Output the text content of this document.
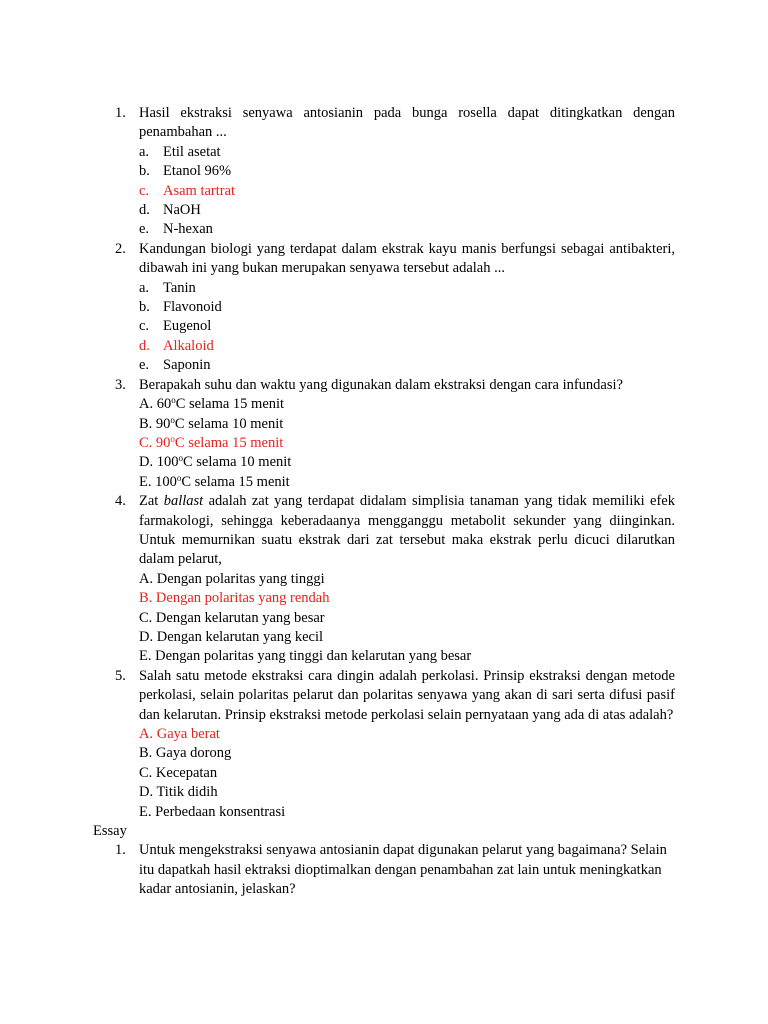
1. Hasil ekstraksi senyawa antosianin pada bunga rosella dapat ditingkatkan dengan penambahan ...
a. Etil asetat
b. Etanol 96%
c. Asam tartrat
d. NaOH
e. N-hexan
2. Kandungan biologi yang terdapat dalam ekstrak kayu manis berfungsi sebagai antibakteri, dibawah ini yang bukan merupakan senyawa tersebut adalah ...
a. Tanin
b. Flavonoid
c. Eugenol
d. Alkaloid
e. Saponin
3. Berapakah suhu dan waktu yang digunakan dalam ekstraksi dengan cara infundasi?
A. 60$^o$C selama 15 menit
B. 90$^o$C selama 10 menit
C. 90$^o$C selama 15 menit
D. 100$^o$C selama 10 menit
E. 100$^o$C selama 15 menit
4. Zat ballast adalah zat yang terdapat didalam simplisia tanaman yang tidak memiliki efek farmakologi, sehingga keberadaanya mengganggu metabolit sekunder yang diinginkan. Untuk memurnikan suatu ekstrak dari zat tersebut maka ekstrak perlu dicuci dilarutkan dalam pelarut,
A. Dengan polaritas yang tinggi
B. Dengan polaritas yang rendah
C. Dengan kelarutan yang besar
D. Dengan kelarutan yang kecil
E. Dengan polaritas yang tinggi dan kelarutan yang besar
5. Salah satu metode ekstraksi cara dingin adalah perkolasi. Prinsip ekstraksi dengan metode perkolasi, selain polaritas pelarut dan polaritas senyawa yang akan di sari serta difusi pasif dan kelarutan. Prinsip ekstraksi metode perkolasi selain pernyataan yang ada di atas adalah?
A. Gaya berat
B. Gaya dorong
C. Kecepatan
D. Titik didih
E. Perbedaan konsentrasi
Essay
1. Untuk mengekstraksi senyawa antosianin dapat digunakan pelarut yang bagaimana? Selain itu dapatkah hasil ektraksi dioptimalkan dengan penambahan zat lain untuk meningkatkan kadar antosianin, jelaskan?
